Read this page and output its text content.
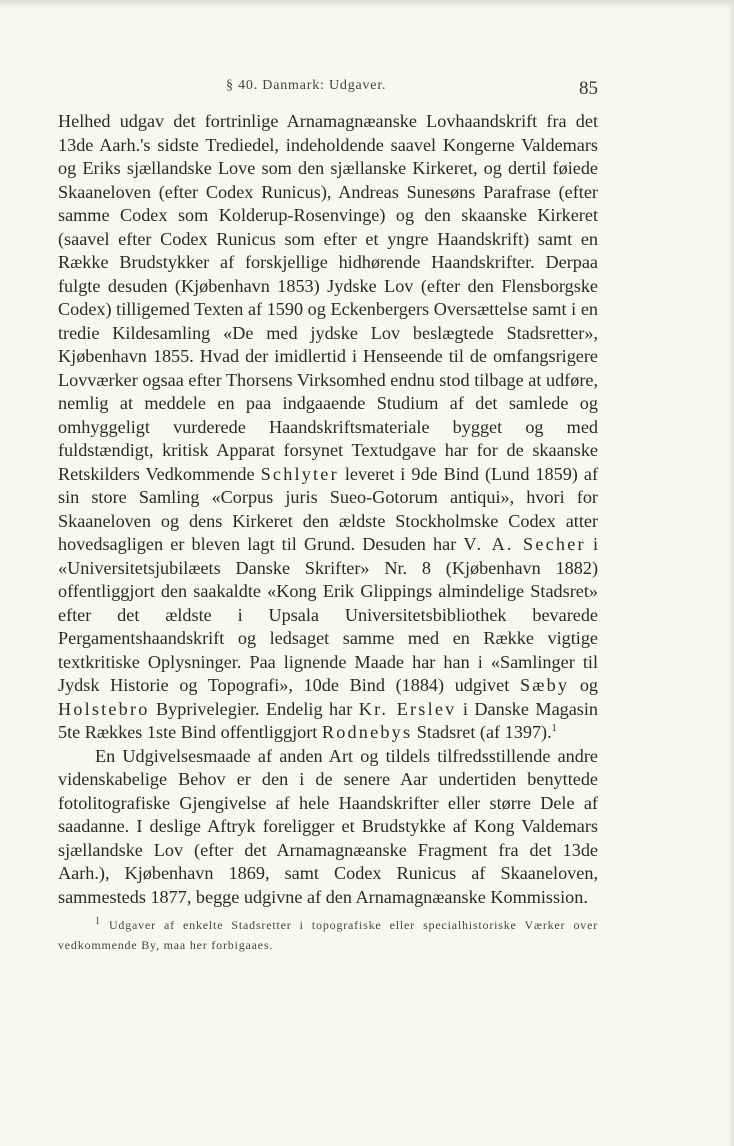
§ 40. Danmark: Udgaver.	85

Helhed udgav det fortrinlige Arnamagnæanske Lovhaandskrift fra det 13de Aarh.'s sidste Trediedel, indeholdende saavel Kongerne Valdemars og Eriks sjællandske Love som den sjællanske Kirkeret, og dertil føiede Skaaneloven (efter Codex Runicus), Andreas Sunesøns Parafrase (efter samme Codex som Kolderup-Rosenvinge) og den skaanske Kirkeret (saavel efter Codex Runicus som efter et yngre Haandskrift) samt en Række Brudstykker af forskjellige hidhørende Haandskrifter. Derpaa fulgte desuden (Kjøbenhavn 1853) Jydske Lov (efter den Flensborgske Codex) tilligemed Texten af 1590 og Eckenbergers Oversættelse samt i en tredie Kildesamling «De med jydske Lov beslægtede Stadsretter», Kjøbenhavn 1855. Hvad der imidlertid i Henseende til de omfangsrigere Lovværker ogsaa efter Thorsens Virksomhed endnu stod tilbage at udføre, nemlig at meddele en paa indgaaende Studium af det samlede og omhyggeligt vurderede Haandskriftsmateriale bygget og med fuldstændigt, kritisk Apparat forsynet Textudgave har for de skaanske Retskilders Vedkommende Schlyter leveret i 9de Bind (Lund 1859) af sin store Samling «Corpus juris Sueo-Gotorum antiqui», hvori for Skaaneloven og dens Kirkeret den ældste Stockholmske Codex atter hovedsagligen er bleven lagt til Grund. Desuden har V. A. Secher i «Universitetsjubilæets Danske Skrifter» Nr. 8 (Kjøbenhavn 1882) offentliggjort den saakaldte «Kong Erik Glippings almindelige Stadsret» efter det ældste i Upsala Universitetsbibliothek bevarede Pergamentshaandskrift og ledsaget samme med en Række vigtige textkritiske Oplysninger. Paa lignende Maade har han i «Samlinger til Jydsk Historie og Topografi», 10de Bind (1884) udgivet Sæby og Holstebro Byprivelegier. Endelig har Kr. Erslev i Danske Magasin 5te Rækkes 1ste Bind offentliggjort Rodnebys Stadsret (af 1397).$^1$

En Udgivelsesmaade af anden Art og tildels tilfredsstillende andre videnskabelige Behov er den i de senere Aar undertiden benyttede fotolitografiske Gjengivelse af hele Haandskrifter eller større Dele af saadanne. I deslige Aftryk foreligger et Brudstykke af Kong Valdemars sjællandske Lov (efter det Arnamagnæanske Fragment fra det 13de Aarh.), Kjøbenhavn 1869, samt Codex Runicus af Skaaneloven, sammesteds 1877, begge udgivne af den Arnamagnæanske Kommission.

$^1$ Udgaver af enkelte Stadsretter i topografiske eller specialhistoriske Værker over vedkommende By, maa her forbigaaes.
